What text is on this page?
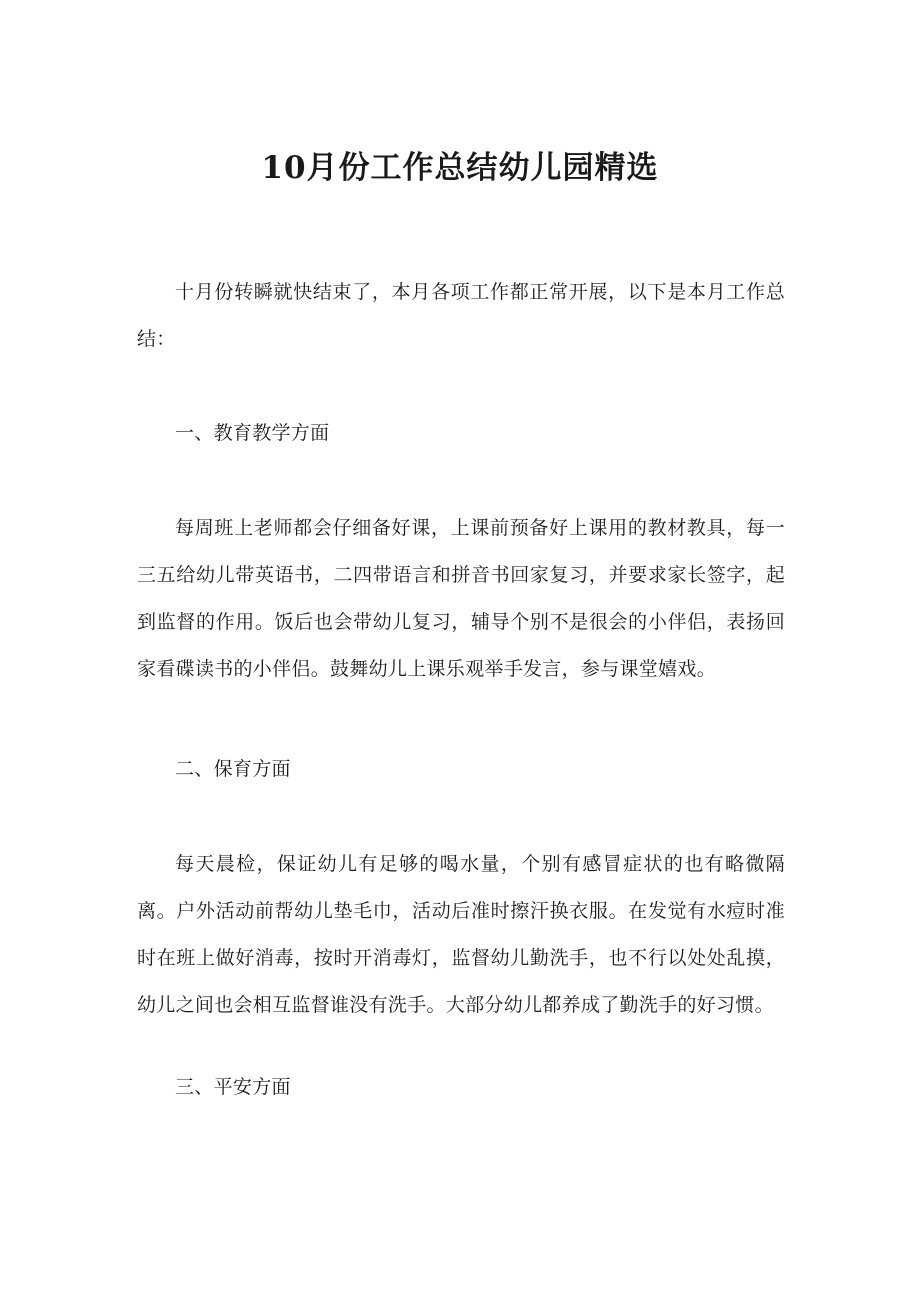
10月份工作总结幼儿园精选

十月份转瞬就快结束了，本月各项工作都正常开展，以下是本月工作总结：

一、教育教学方面

每周班上老师都会仔细备好课，上课前预备好上课用的教材教具，每一三五给幼儿带英语书，二四带语言和拼音书回家复习，并要求家长签字，起到监督的作用。饭后也会带幼儿复习，辅导个别不是很会的小伴侣，表扬回家看碟读书的小伴侣。鼓舞幼儿上课乐观举手发言，参与课堂嬉戏。

二、保育方面

每天晨检，保证幼儿有足够的喝水量，个别有感冒症状的也有略微隔离。户外活动前帮幼儿垫毛巾，活动后准时擦汗换衣服。在发觉有水痘时准时在班上做好消毒，按时开消毒灯，监督幼儿勤洗手，也不行以处处乱摸，幼儿之间也会相互监督谁没有洗手。大部分幼儿都养成了勤洗手的好习惯。

三、平安方面
